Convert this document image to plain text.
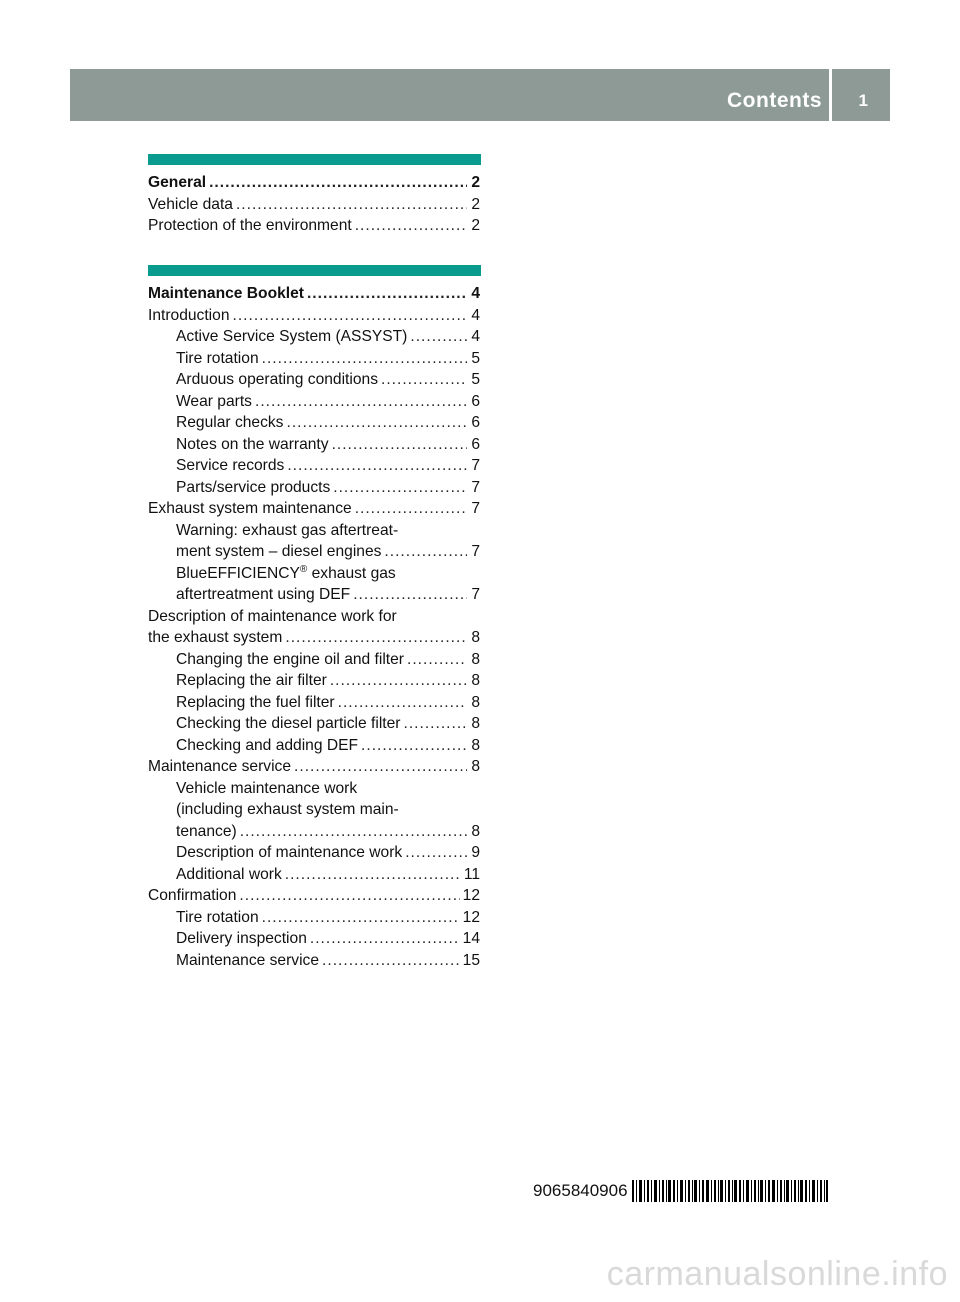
Contents 1
General .....	2
Vehicle data .....	2
Protection of the environment .....	2
Maintenance Booklet .....	4
Introduction .....	4
Active Service System (ASSYST) .....	4
Tire rotation .....	5
Arduous operating conditions .....	5
Wear parts .....	6
Regular checks .....	6
Notes on the warranty .....	6
Service records .....	7
Parts/service products .....	7
Exhaust system maintenance .....	7
Warning: exhaust gas aftertreat-
ment system – diesel engines .....	7
BlueEFFICIENCY® exhaust gas
aftertreatment using DEF .....	7
Description of maintenance work for
the exhaust system .....	8
Changing the engine oil and filter .....	8
Replacing the air filter .....	8
Replacing the fuel filter .....	8
Checking the diesel particle filter .....	8
Checking and adding DEF .....	8
Maintenance service .....	8
Vehicle maintenance work
(including exhaust system main-
tenance) .....	8
Description of maintenance work .....	9
Additional work .....	11
Confirmation .....	12
Tire rotation .....	12
Delivery inspection .....	14
Maintenance service .....	15
9065840906
carmanualsonline.info
